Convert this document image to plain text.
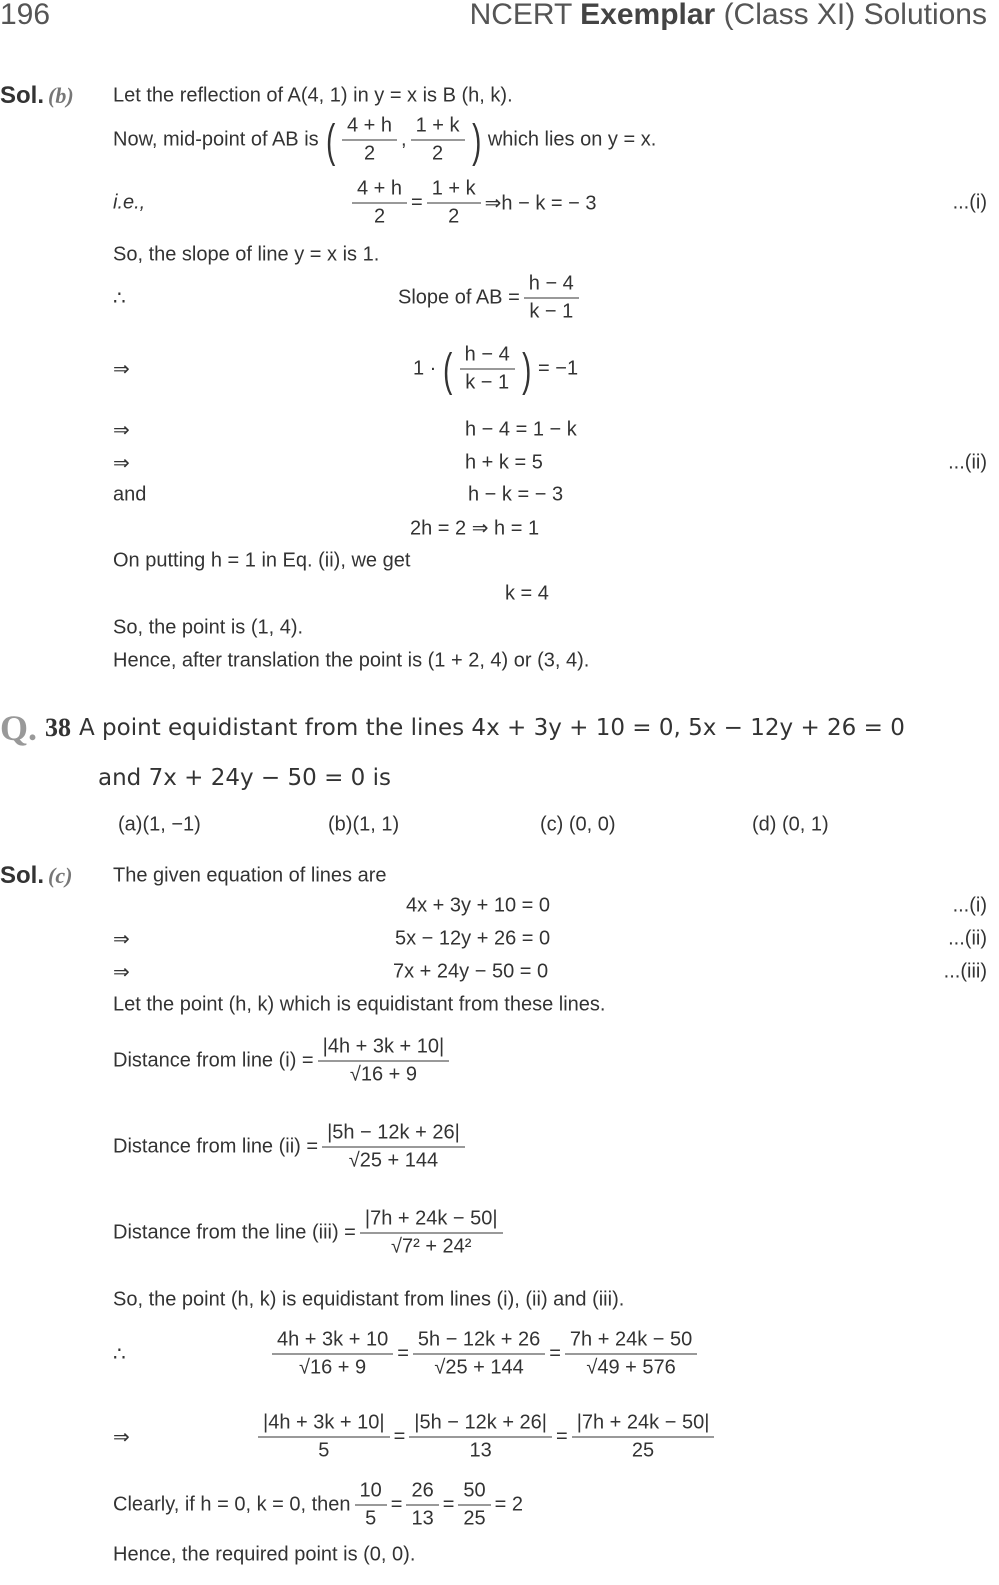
196	NCERT Exemplar (Class XI) Solutions
Sol. (b) Let the reflection of A(4, 1) in y = x is B (h, k).
Now, mid-point of AB is ( $\frac{4 + h}{2}$ , $\frac{1 + k}{2}$ ) which lies on y = x.
i.e.,	$\frac{4 + h}{2} = \frac{1 + k}{2}$ ⇒h − k = − 3	...(i)
So, the slope of line y = x is 1.
∴	Slope of AB = $\frac{h - 4}{k - 1}$
⇒	1 · ( $\frac{h - 4}{k - 1}$ ) = −1
⇒	h − 4 = 1 − k
⇒	h + k = 5	...(ii)
and	h − k = − 3
2h = 2 ⇒ h = 1
On putting h = 1 in Eq. (ii), we get
k = 4
So, the point is (1, 4).
Hence, after translation the point is (1 + 2, 4) or (3, 4).
Q. 38 A point equidistant from the lines 4x + 3y + 10 = 0, 5x − 12y + 26 = 0
and 7x + 24y − 50 = 0 is
(a)(1, −1)	(b)(1, 1)	(c) (0, 0)	(d) (0, 1)
Sol. (c) The given equation of lines are
4x + 3y + 10 = 0	...(i)
⇒	5x − 12y + 26 = 0	...(ii)
⇒	7x + 24y − 50 = 0	...(iii)
Let the point (h, k) which is equidistant from these lines.
Distance from line $(i) = \frac{|4h + 3k + 10|}{√16 + 9}$
Distance from line $(ii) = \frac{|5h - 12k + 26|}{√25 + 144}$
Distance from the line $(iii) = \frac{|7h + 24k - 50|}{\text{√7² + 24²}}$
So, the point (h, k) is equidistant from lines (i), (ii) and (iii).
∴	$\frac{4h + 3k + 10}{√16 + 9} = \frac{5h - 12k + 26}{√25 + 144} = \frac{7h + 24k - 50}{√49 + 576}$
⇒	$\frac{|4h + 3k + 10|}{5} = \frac{|5h - 12k + 26|}{13} = \frac{|7h + 24k - 50|}{25}$
Clearly, if h = 0, k = 0, then $\frac{10}{5} = \frac{26}{13} = \frac{50}{25} = 2$
Hence, the required point is (0, 0).
